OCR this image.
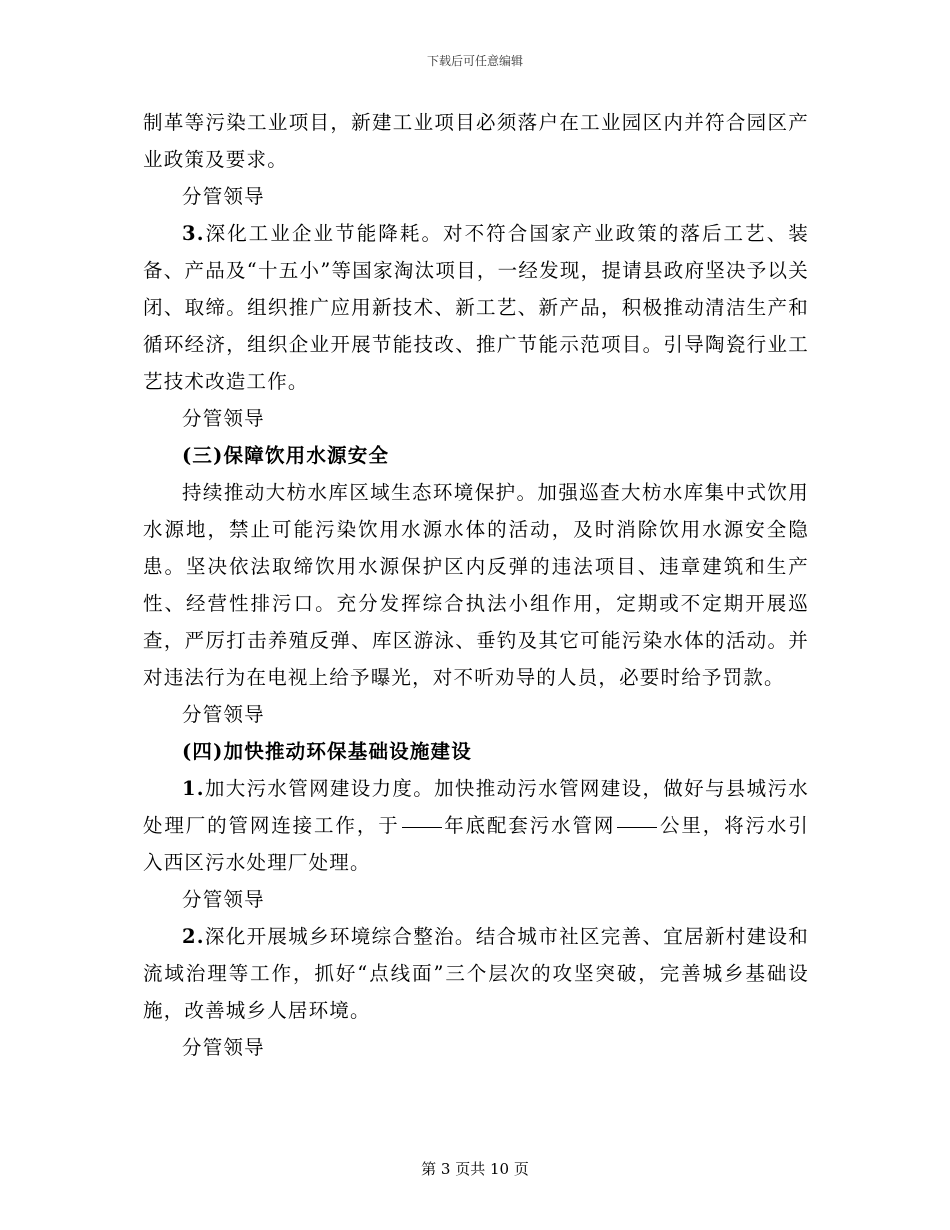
下载后可任意编辑

制革等污染工业项目，新建工业项目必须落户在工业园区内并符合园区产业政策及要求。

分管领导

3.深化工业企业节能降耗。对不符合国家产业政策的落后工艺、装备、产品及“十五小”等国家淘汰项目，一经发现，提请县政府坚决予以关闭、取缔。组织推广应用新技术、新工艺、新产品，积极推动清洁生产和循环经济，组织企业开展节能技改、推广节能示范项目。引导陶瓷行业工艺技术改造工作。

分管领导

(三)保障饮用水源安全

持续推动大枋水库区域生态环境保护。加强巡查大枋水库集中式饮用水源地，禁止可能污染饮用水源水体的活动，及时消除饮用水源安全隐患。坚决依法取缔饮用水源保护区内反弹的违法项目、违章建筑和生产性、经营性排污口。充分发挥综合执法小组作用，定期或不定期开展巡查，严厉打击养殖反弹、库区游泳、垂钓及其它可能污染水体的活动。并对违法行为在电视上给予曝光，对不听劝导的人员，必要时给予罚款。

分管领导

(四)加快推动环保基础设施建设

1.加大污水管网建设力度。加快推动污水管网建设，做好与县城污水处理厂的管网连接工作，于 年底配套污水管网 公里，将污水引入西区污水处理厂处理。

分管领导

2.深化开展城乡环境综合整治。结合城市社区完善、宜居新村建设和流域治理等工作，抓好“点线面”三个层次的攻坚突破，完善城乡基础设施，改善城乡人居环境。

分管领导

第 3 页共 10 页
